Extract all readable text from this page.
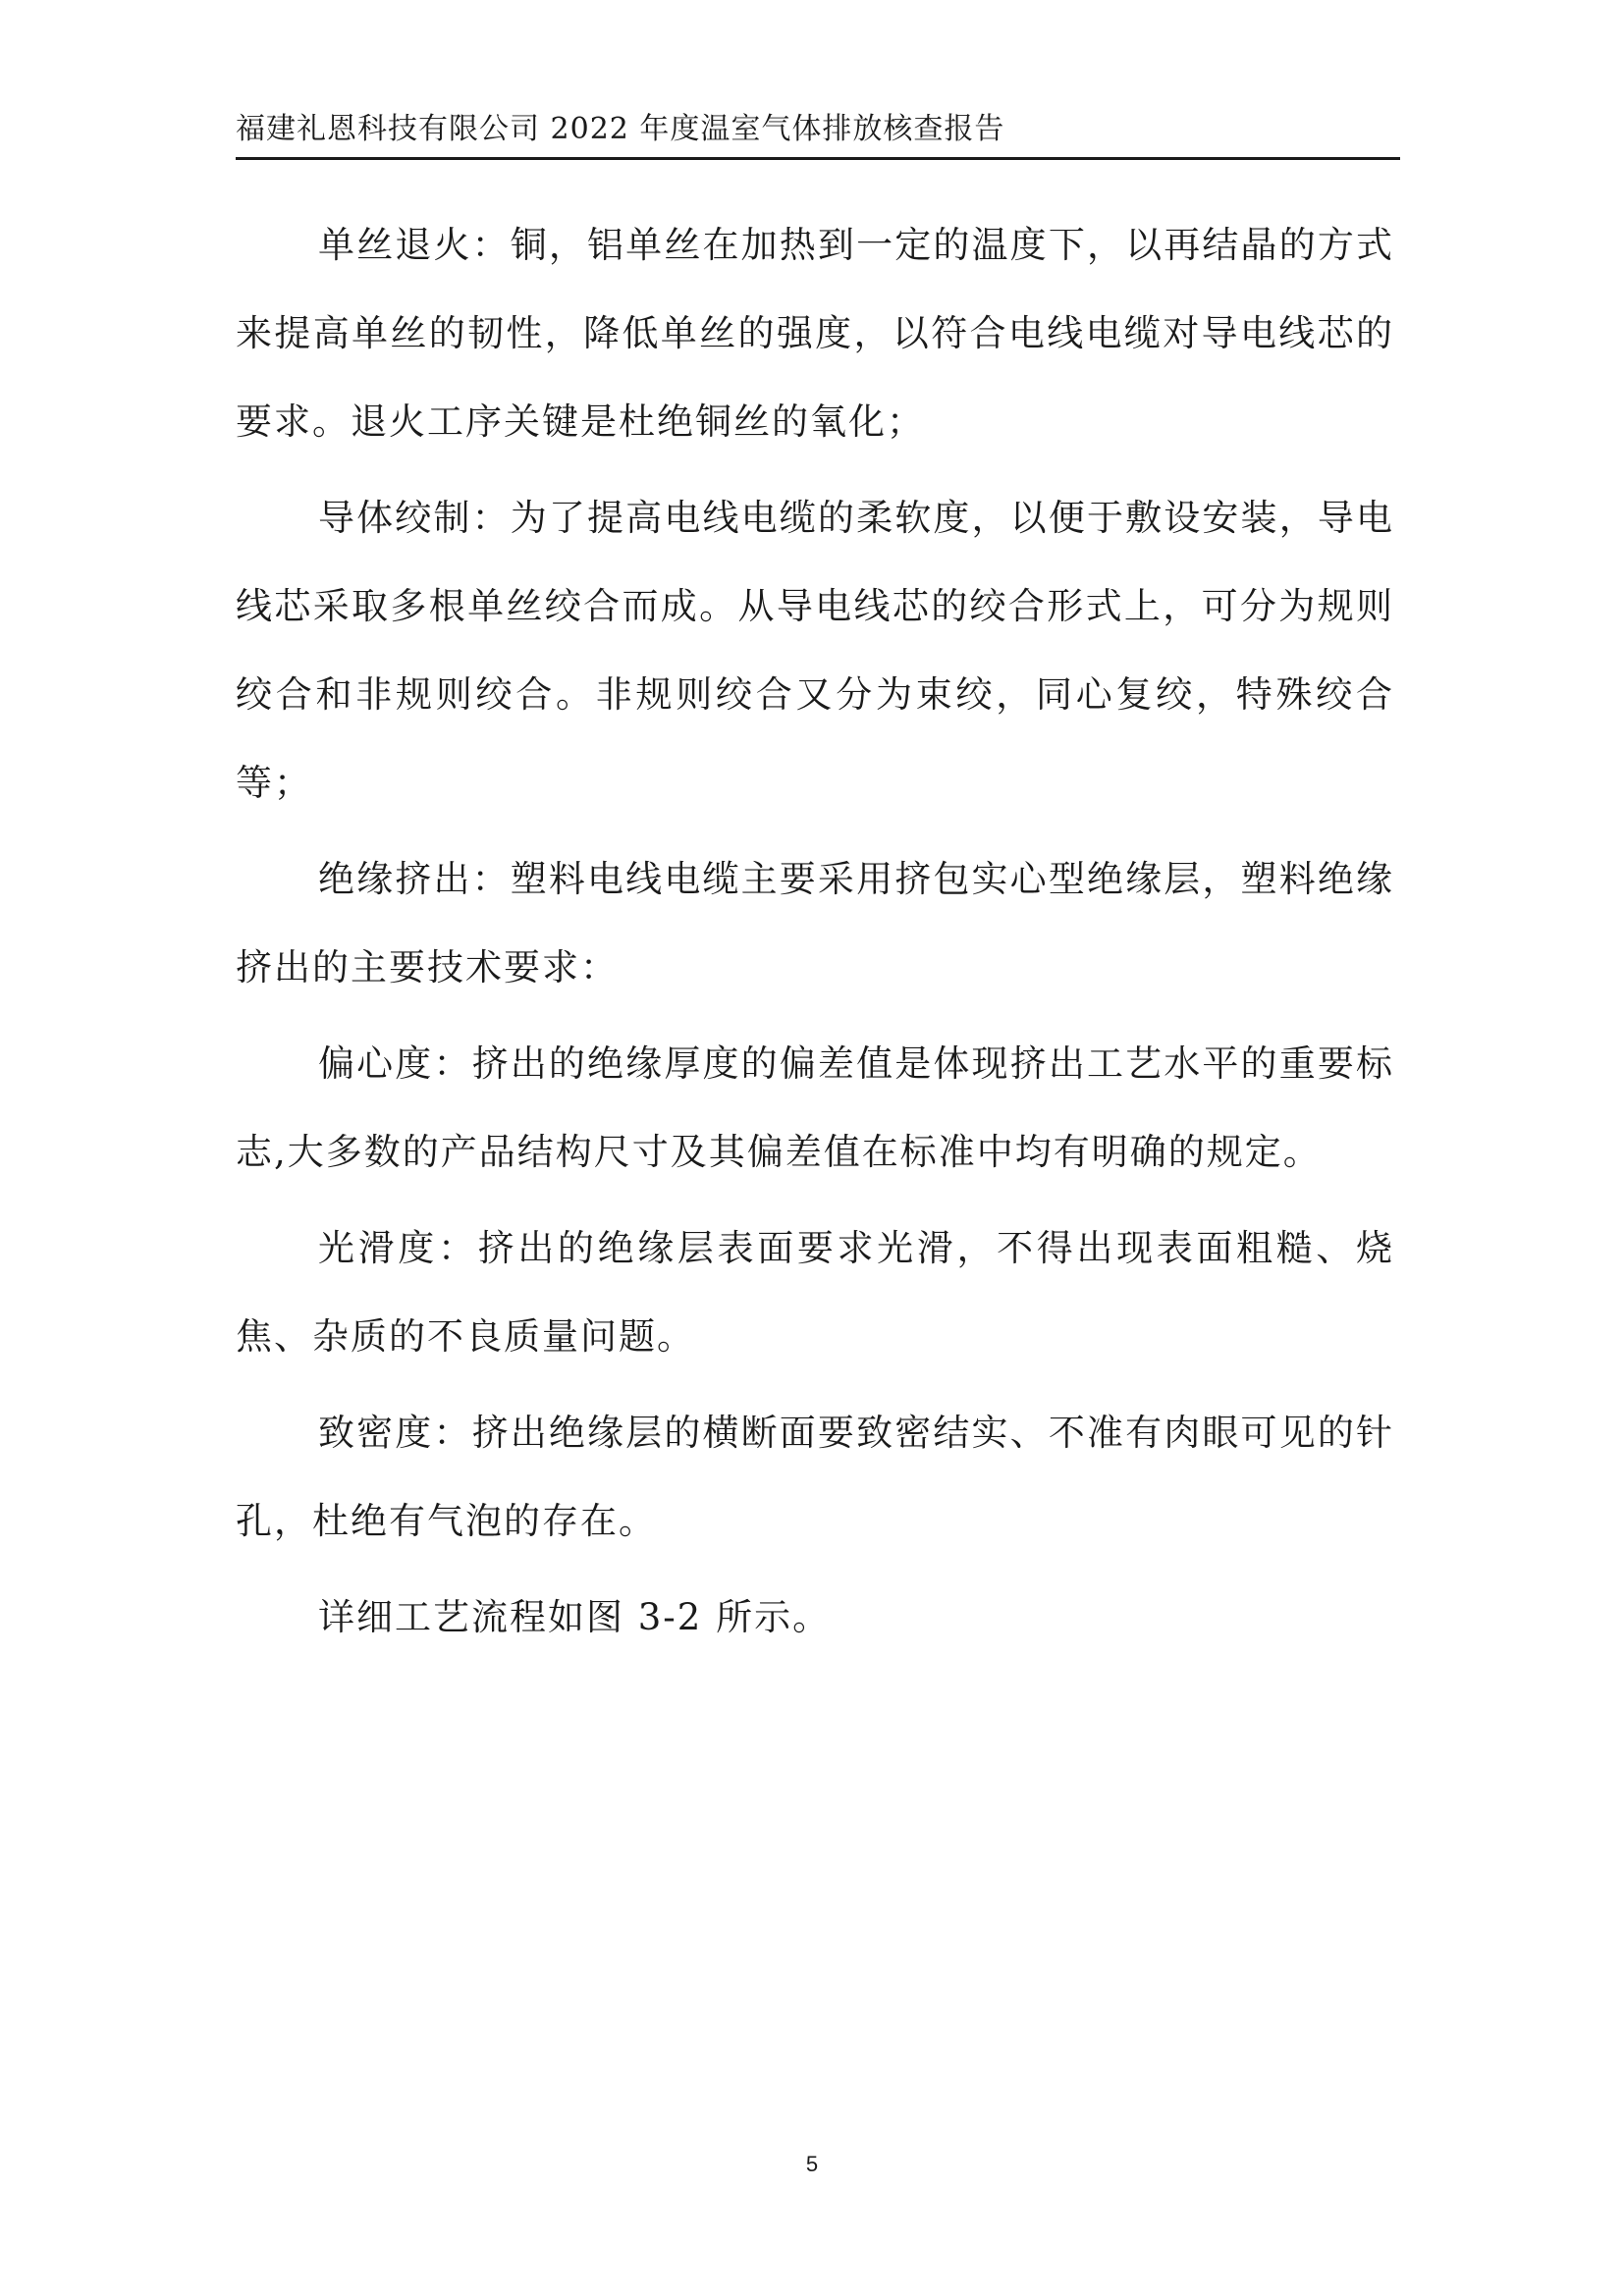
福建礼恩科技有限公司 2022 年度温室气体排放核查报告

单丝退火：铜，铝单丝在加热到一定的温度下，以再结晶的方式来提高单丝的韧性，降低单丝的强度，以符合电线电缆对导电线芯的要求。退火工序关键是杜绝铜丝的氧化；

导体绞制：为了提高电线电缆的柔软度，以便于敷设安装，导电线芯采取多根单丝绞合而成。从导电线芯的绞合形式上，可分为规则绞合和非规则绞合。非规则绞合又分为束绞，同心复绞，特殊绞合等；

绝缘挤出：塑料电线电缆主要采用挤包实心型绝缘层，塑料绝缘挤出的主要技术要求：

偏心度：挤出的绝缘厚度的偏差值是体现挤出工艺水平的重要标志,大多数的产品结构尺寸及其偏差值在标准中均有明确的规定。

光滑度：挤出的绝缘层表面要求光滑，不得出现表面粗糙、烧焦、杂质的不良质量问题。

致密度：挤出绝缘层的横断面要致密结实、不准有肉眼可见的针孔，杜绝有气泡的存在。

详细工艺流程如图 3-2 所示。

5
